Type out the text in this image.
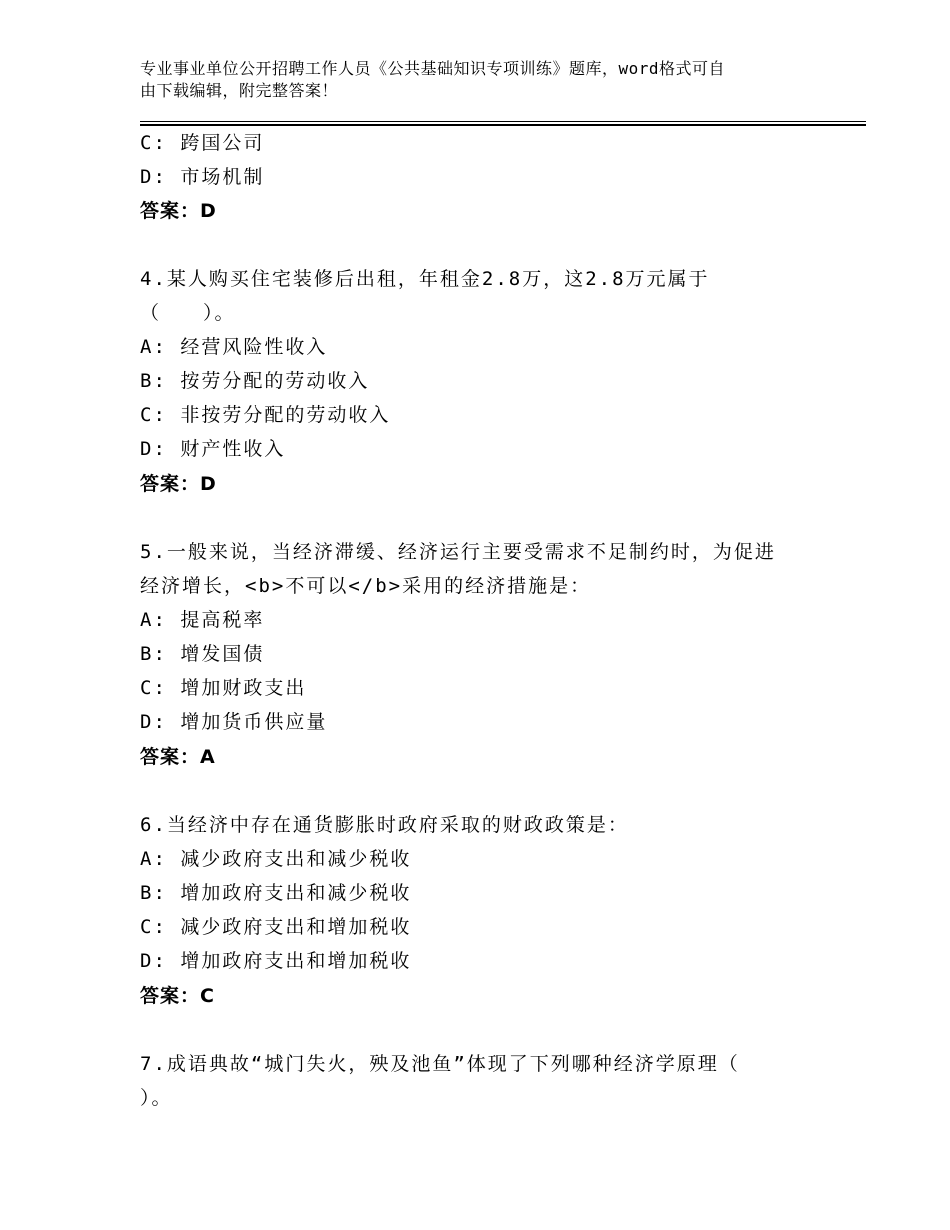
专业事业单位公开招聘工作人员《公共基础知识专项训练》题库，word格式可自
由下载编辑，附完整答案！
C: 跨国公司
D: 市场机制
答案：D
4.某人购买住宅装修后出租，年租金2.8万，这2.8万元属于
（　　）。
A: 经营风险性收入
B: 按劳分配的劳动收入
C: 非按劳分配的劳动收入
D: 财产性收入
答案：D
5.一般来说，当经济滞缓、经济运行主要受需求不足制约时，为促进
经济增长，<b>不可以</b>采用的经济措施是：
A: 提高税率
B: 增发国债
C: 增加财政支出
D: 增加货币供应量
答案：A
6.当经济中存在通货膨胀时政府采取的财政政策是：
A: 减少政府支出和减少税收
B: 增加政府支出和减少税收
C: 减少政府支出和增加税收
D: 增加政府支出和增加税收
答案：C
7.成语典故“城门失火，殃及池鱼”体现了下列哪种经济学原理（
）。
